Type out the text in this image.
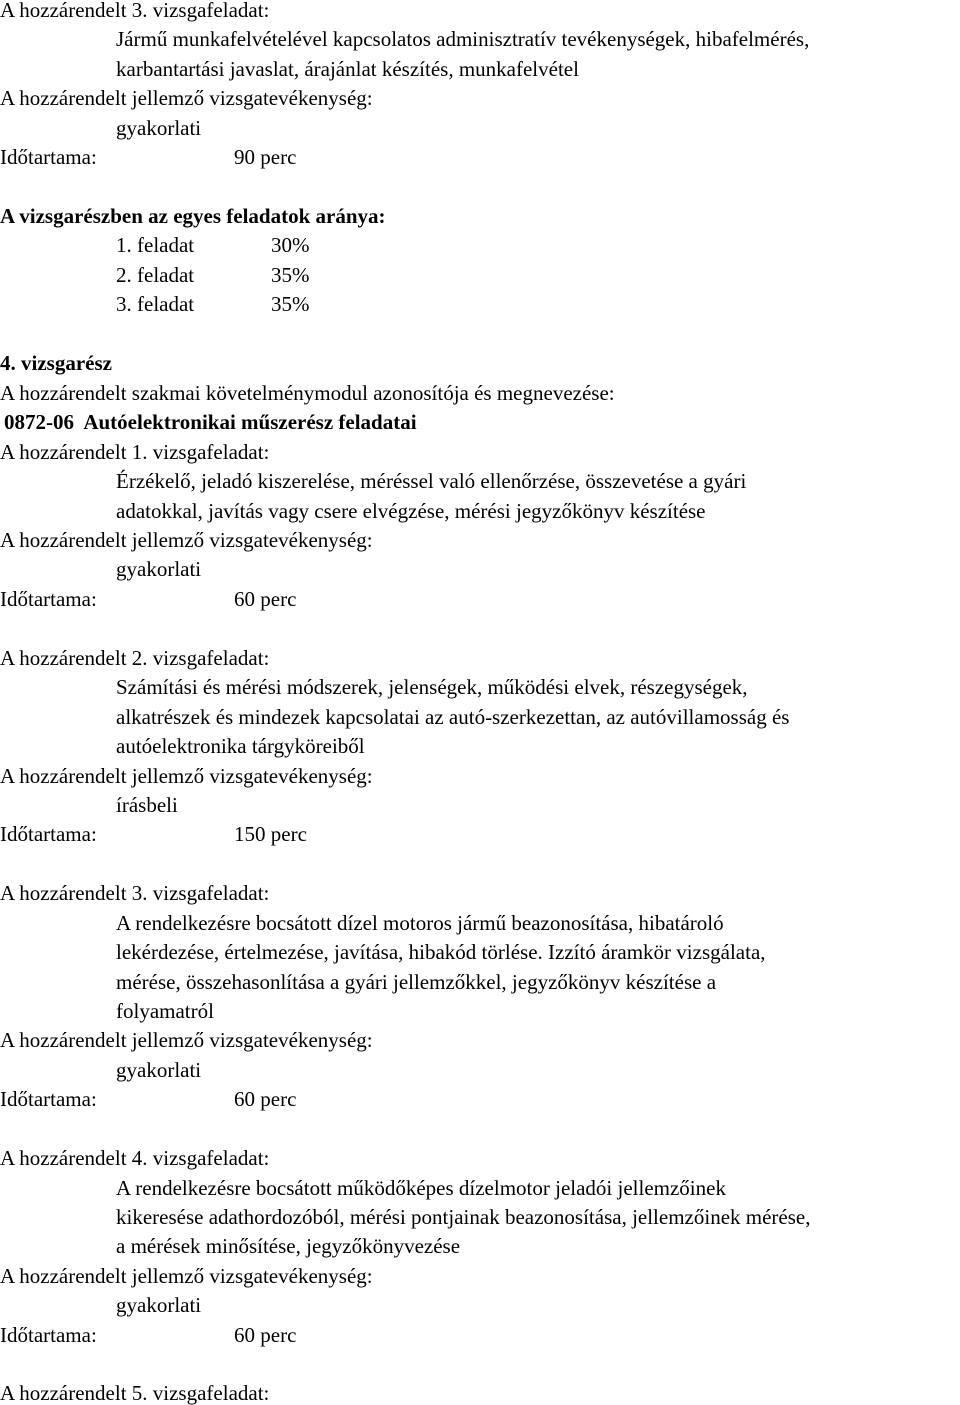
A hozzárendelt 3. vizsgafeladat:
Jármű munkafelvételével kapcsolatos adminisztratív tevékenységek, hibafelmérés,
karbantartási javaslat, árajánlat készítés, munkafelvétel
A hozzárendelt jellemző vizsgatevékenység:
gyakorlati
Időtartama:	90 perc
A vizsgarészben az egyes feladatok aránya:
1. feladat	30%
2. feladat	35%
3. feladat	35%
4. vizsgarész
A hozzárendelt szakmai követelménymodul azonosítója és megnevezése:
0872-06  Autóelektronikai műszerész feladatai
A hozzárendelt 1. vizsgafeladat:
Érzékelő, jeladó kiszerelése, méréssel való ellenőrzése, összevetése a gyári
adatokkal, javítás vagy csere elvégzése, mérési jegyzőkönyv készítése
A hozzárendelt jellemző vizsgatevékenység:
gyakorlati
Időtartama:	60 perc
A hozzárendelt 2. vizsgafeladat:
Számítási és mérési módszerek, jelenségek, működési elvek, részegységek,
alkatrészek és mindezek kapcsolatai az autó-szerkezettan, az autóvillamosság és
autóelektronika tárgyköreiből
A hozzárendelt jellemző vizsgatevékenység:
írásbeli
Időtartama:	150 perc
A hozzárendelt 3. vizsgafeladat:
A rendelkezésre bocsátott dízel motoros jármű beazonosítása, hibatároló
lekérdezése, értelmezése, javítása, hibakód törlése. Izzító áramkör vizsgálata,
mérése, összehasonlítása a gyári jellemzőkkel, jegyzőkönyv készítése a
folyamatról
A hozzárendelt jellemző vizsgatevékenység:
gyakorlati
Időtartama:	60 perc
A hozzárendelt 4. vizsgafeladat:
A rendelkezésre bocsátott működőképes dízelmotor jeladói jellemzőinek
kikeresése adathordozóból, mérési pontjainak beazonosítása, jellemzőinek mérése,
a mérések minősítése, jegyzőkönyvezése
A hozzárendelt jellemző vizsgatevékenység:
gyakorlati
Időtartama:	60 perc
A hozzárendelt 5. vizsgafeladat:
